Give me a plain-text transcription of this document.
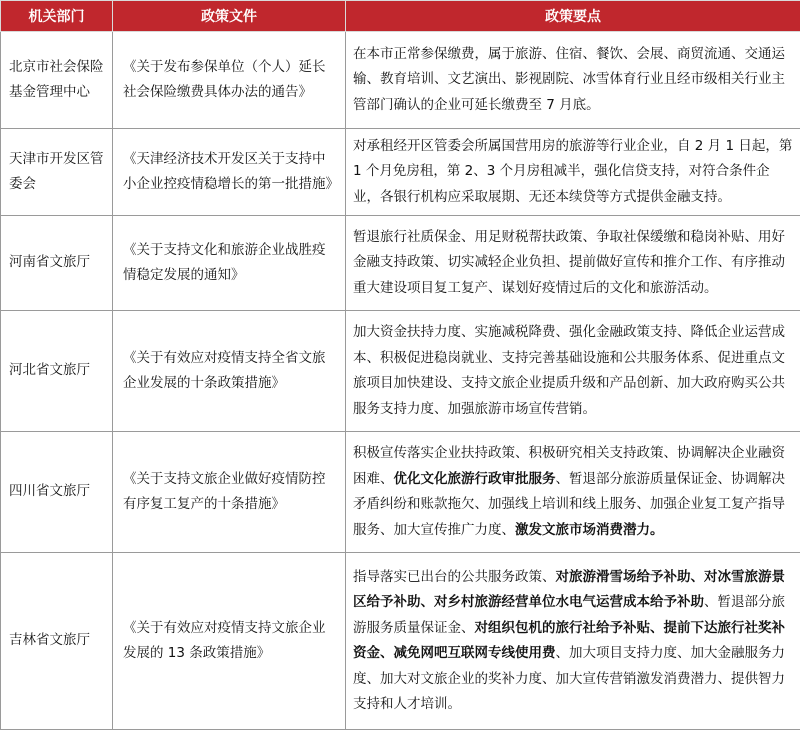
机关部门	政策文件	政策要点
北京市社会保险基金管理中心	《关于发布参保单位（个人）延长社会保险缴费具体办法的通告》	在本市正常参保缴费，属于旅游、住宿、餐饮、会展、商贸流通、交通运输、教育培训、文艺演出、影视剧院、冰雪体育行业且经市级相关行业主管部门确认的企业可延长缴费至 7 月底。
天津市开发区管委会	《天津经济技术开发区关于支持中小企业控疫情稳增长的第一批措施》	对承租经开区管委会所属国营用房的旅游等行业企业，自 2 月 1 日起，第 1 个月免房租，第 2、3 个月房租减半，强化信贷支持，对符合条件企业，各银行机构应采取展期、无还本续贷等方式提供金融支持。
河南省文旅厅	《关于支持文化和旅游企业战胜疫情稳定发展的通知》	暂退旅行社质保金、用足财税帮扶政策、争取社保缓缴和稳岗补贴、用好金融支持政策、切实减轻企业负担、提前做好宣传和推介工作、有序推动重大建设项目复工复产、谋划好疫情过后的文化和旅游活动。
河北省文旅厅	《关于有效应对疫情支持全省文旅企业发展的十条政策措施》	加大资金扶持力度、实施减税降费、强化金融政策支持、降低企业运营成本、积极促进稳岗就业、支持完善基础设施和公共服务体系、促进重点文旅项目加快建设、支持文旅企业提质升级和产品创新、加大政府购买公共服务支持力度、加强旅游市场宣传营销。
四川省文旅厅	《关于支持文旅企业做好疫情防控有序复工复产的十条措施》	积极宣传落实企业扶持政策、积极研究相关支持政策、协调解决企业融资困难、优化文化旅游行政审批服务、暂退部分旅游质量保证金、协调解决矛盾纠纷和账款拖欠、加强线上培训和线上服务、加强企业复工复产指导服务、加大宣传推广力度、激发文旅市场消费潜力。
吉林省文旅厅	《关于有效应对疫情支持文旅企业发展的 13 条政策措施》	指导落实已出台的公共服务政策、对旅游滑雪场给予补助、对冰雪旅游景区给予补助、对乡村旅游经营单位水电气运营成本给予补助、暂退部分旅游服务质量保证金、对组织包机的旅行社给予补贴、提前下达旅行社奖补资金、减免网吧互联网专线使用费、加大项目支持力度、加大金融服务力度、加大对文旅企业的奖补力度、加大宣传营销激发消费潜力、提供智力支持和人才培训。
